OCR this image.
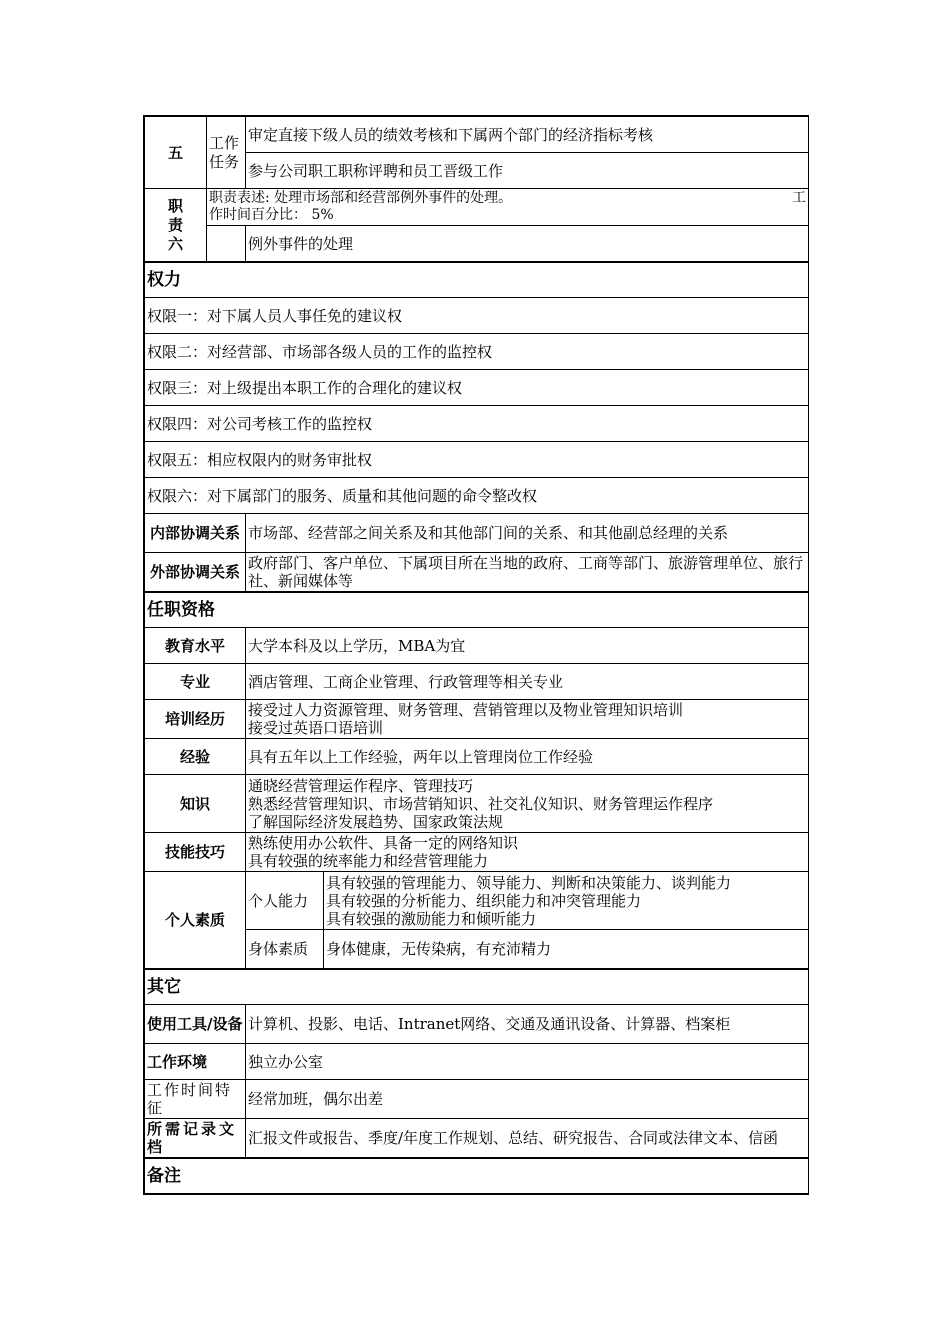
五	工作任务	审定直接下级人员的绩效考核和下属两个部门的经济指标考核	
		参与公司职工职称评聘和员工晋级工作	
职责六	职责表述: 处理市场部和经营部例外事件的处理。 工
作时间百分比： 5%		

		例外事件的处理	
权力			
权限一：对下属人员人事任免的建议权			
权限二：对经营部、市场部各级人员的工作的监控权			
权限三：对上级提出本职工作的合理化的建议权			
权限四：对公司考核工作的监控权			
权限五：相应权限内的财务审批权			
权限六：对下属部门的服务、质量和其他问题的命令整改权			
内部协调关系		市场部、经营部之间关系及和其他部门间的关系、和其他副总经理的关系	
外部协调关系		政府部门、客户单位、下属项目所在当地的政府、工商等部门、旅游管理单位、旅行社、新闻媒体等	
任职资格			
教育水平		大学本科及以上学历，MBA为宜	
专业		酒店管理、工商企业管理、行政管理等相关专业	
培训经历		接受过人力资源管理、财务管理、营销管理以及物业管理知识培训
接受过英语口语培训	

经验		具有五年以上工作经验，两年以上管理岗位工作经验	
知识		通晓经营管理运作程序、管理技巧
熟悉经营管理知识、市场营销知识、社交礼仪知识、财务管理运作程序
了解国际经济发展趋势、国家政策法规	

技能技巧		熟练使用办公软件、具备一定的网络知识
具有较强的统率能力和经营管理能力	

个人素质		个人能力	具有较强的管理能力、领导能力、判断和决策能力、谈判能力
具有较强的分析能力、组织能力和冲突管理能力
具有较强的激励能力和倾听能力

		身体素质	身体健康，无传染病，有充沛精力
其它			
使用工具/设备		计算机、投影、电话、Intranet网络、交通及通讯设备、计算器、档案柜	
工作环境		独立办公室	
工作时间特征		经常加班，偶尔出差	
所需记录文档		汇报文件或报告、季度/年度工作规划、总结、研究报告、合同或法律文本、信函	
备注			
